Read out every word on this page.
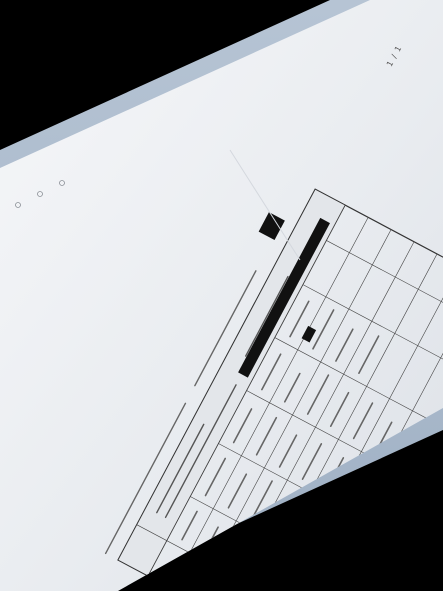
1 / 1
